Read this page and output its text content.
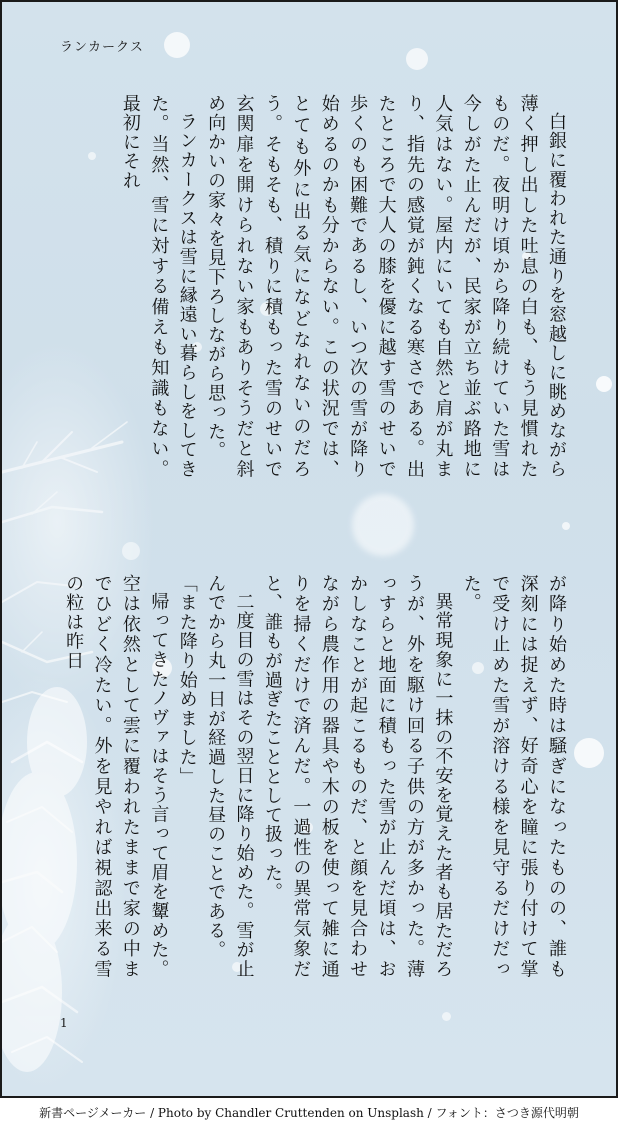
ランカークス

白銀に覆われた通りを窓越しに眺めながら薄く押し出した吐息の白も、もう見慣れたものだ。夜明け頃から降り続けていた雪は今しがた止んだが、民家が立ち並ぶ路地に人気はない。屋内にいても自然と肩が丸まり、指先の感覚が鈍くなる寒さである。出たところで大人の膝を優に越す雪のせいで歩くのも困難であるし、いつ次の雪が降り始めるのかも分からない。この状況では、とても外に出る気になどなれないのだろう。そもそも、積りに積もった雪のせいで玄関扉を開けられない家もありそうだと斜め向かいの家々を見下ろしながら思った。

ランカークスは雪に縁遠い暮らしをしてきた。当然、雪に対する備えも知識もない。最初にそれ

が降り始めた時は騒ぎになったものの、誰も深刻には捉えず、好奇心を瞳に張り付けて掌で受け止めた雪が溶ける様を見守るだけだった。

異常現象に一抹の不安を覚えた者も居ただろうが、外を駆け回る子供の方が多かった。薄っすらと地面に積もった雪が止んだ頃は、おかしなことが起こるものだ、と顔を見合わせながら農作用の器具や木の板を使って雑に通りを掃くだけで済んだ。一過性の異常気象だと、誰もが過ぎたこととして扱った。

二度目の雪はその翌日に降り始めた。雪が止んでから丸一日が経過した昼のことである。

「また降り始めました」

帰ってきたノヴァはそう言って眉を顰めた。空は依然として雲に覆われたままで家の中までひどく冷たい。外を見やれば視認出来る雪の粒は昨日

1
新書ページメーカー / Photo by Chandler Cruttenden on Unsplash / フォント：さつき源代明朝
